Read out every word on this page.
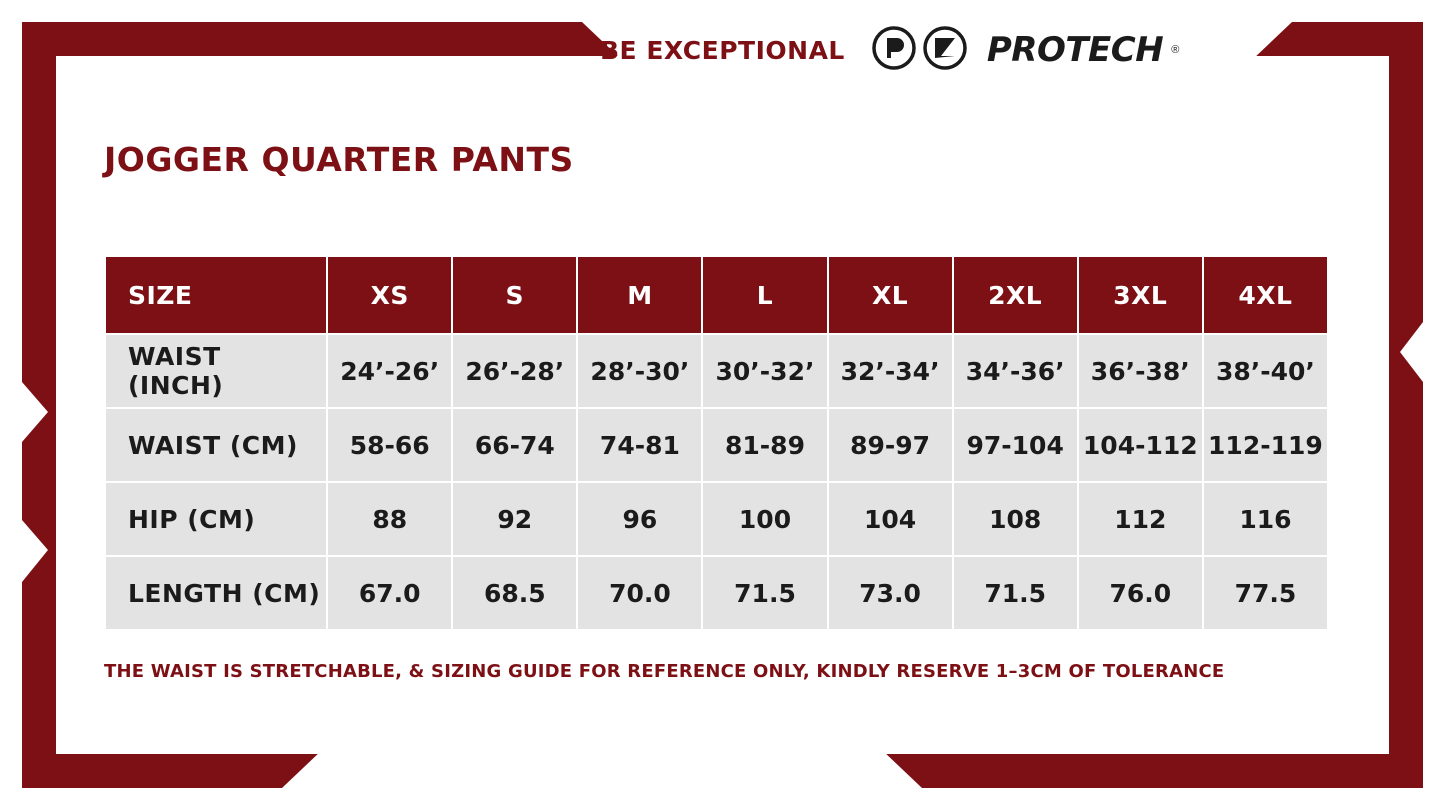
BE EXCEPTIONAL	PROTECH ®
JOGGER QUARTER PANTS
SIZE	XS	S	M	L	XL	2XL	3XL	4XL
WAIST (INCH)	24’-26’	26’-28’	28’-30’	30’-32’	32’-34’	34’-36’	36’-38’	38’-40’
WAIST (CM)	58-66	66-74	74-81	81-89	89-97	97-104	104-112	112-119
HIP (CM)	88	92	96	100	104	108	112	116
LENGTH (CM)	67.0	68.5	70.0	71.5	73.0	71.5	76.0	77.5
THE WAIST IS STRETCHABLE, & SIZING GUIDE FOR REFERENCE ONLY, KINDLY RESERVE 1–3CM OF TOLERANCE
